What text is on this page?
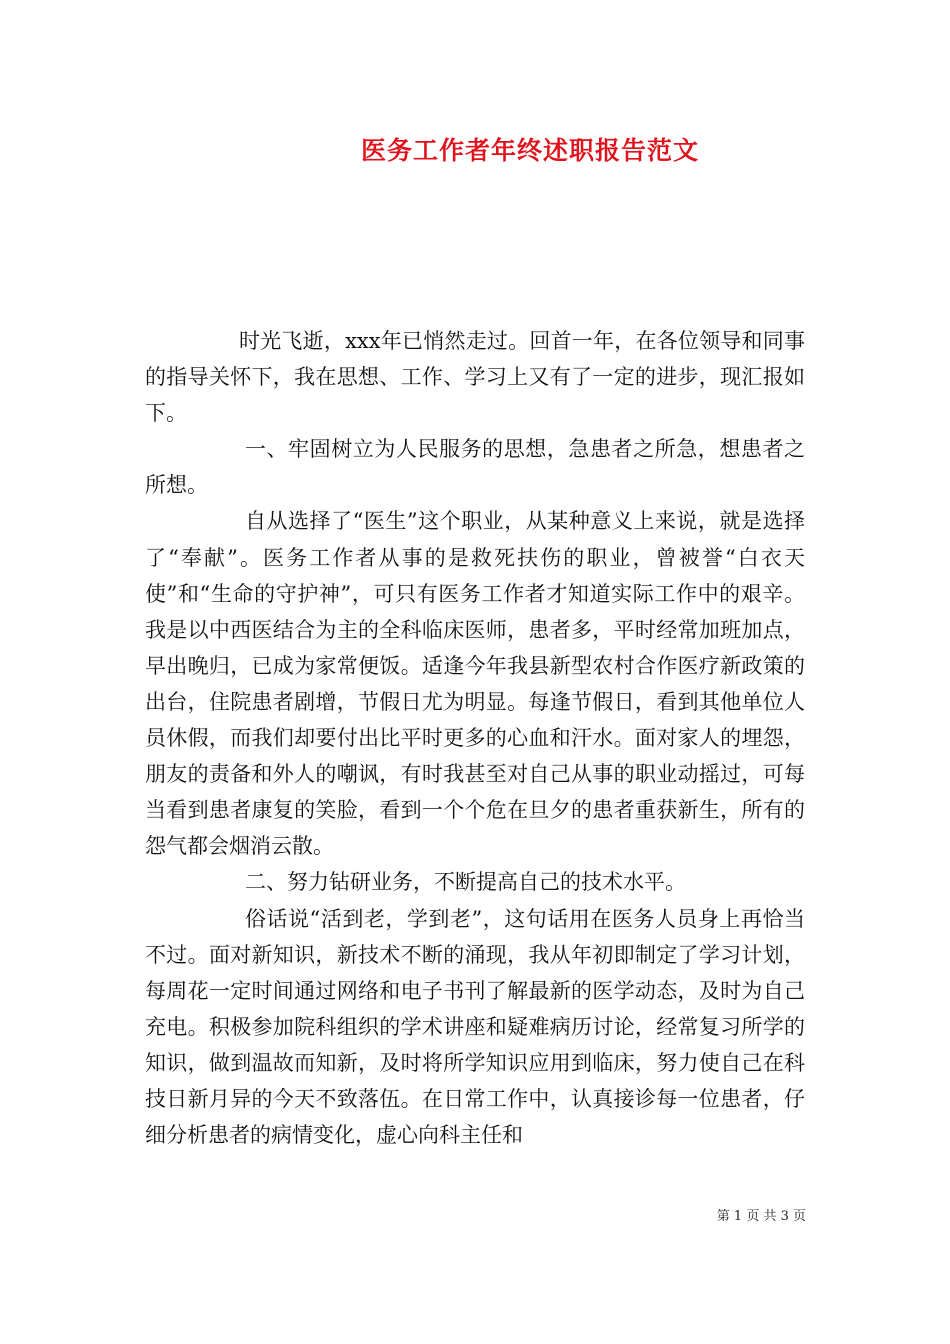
医务工作者年终述职报告范文

时光飞逝，xxx年已悄然走过。回首一年，在各位领导和同事的指导关怀下，我在思想、工作、学习上又有了一定的进步，现汇报如下。

一、牢固树立为人民服务的思想，急患者之所急，想患者之所想。

自从选择了“医生”这个职业，从某种意义上来说，就是选择了“奉献”。医务工作者从事的是救死扶伤的职业，曾被誉“白衣天使”和“生命的守护神”，可只有医务工作者才知道实际工作中的艰辛。我是以中西医结合为主的全科临床医师，患者多，平时经常加班加点，早出晚归，已成为家常便饭。适逢今年我县新型农村合作医疗新政策的出台，住院患者剧增，节假日尤为明显。每逢节假日，看到其他单位人员休假，而我们却要付出比平时更多的心血和汗水。面对家人的埋怨，朋友的责备和外人的嘲讽，有时我甚至对自己从事的职业动摇过，可每当看到患者康复的笑脸，看到一个个危在旦夕的患者重获新生，所有的怨气都会烟消云散。

二、努力钻研业务，不断提高自己的技术水平。

俗话说“活到老，学到老”，这句话用在医务人员身上再恰当不过。面对新知识，新技术不断的涌现，我从年初即制定了学习计划，每周花一定时间通过网络和电子书刊了解最新的医学动态，及时为自己充电。积极参加院科组织的学术讲座和疑难病历讨论，经常复习所学的知识，做到温故而知新，及时将所学知识应用到临床，努力使自己在科技日新月异的今天不致落伍。在日常工作中，认真接诊每一位患者，仔细分析患者的病情变化，虚心向科主任和

第 1 页 共 3 页
